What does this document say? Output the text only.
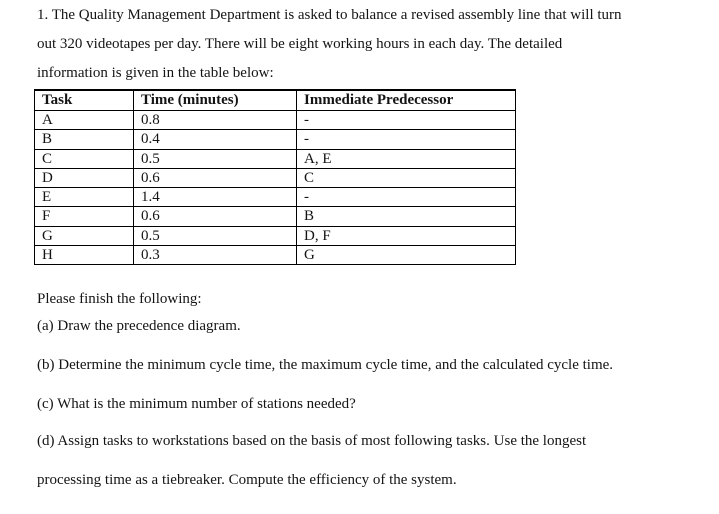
1. The Quality Management Department is asked to balance a revised assembly line that will turn
out 320 videotapes per day. There will be eight working hours in each day. The detailed
information is given in the table below:
Task	Time (minutes)	Immediate Predecessor
A	0.8	-
B	0.4	-
C	0.5	A, E
D	0.6	C
E	1.4	-
F	0.6	B
G	0.5	D, F
H	0.3	G
Please finish the following:
(a) Draw the precedence diagram.
(b) Determine the minimum cycle time, the maximum cycle time, and the calculated cycle time.
(c) What is the minimum number of stations needed?
(d) Assign tasks to workstations based on the basis of most following tasks. Use the longest
processing time as a tiebreaker. Compute the efficiency of the system.
